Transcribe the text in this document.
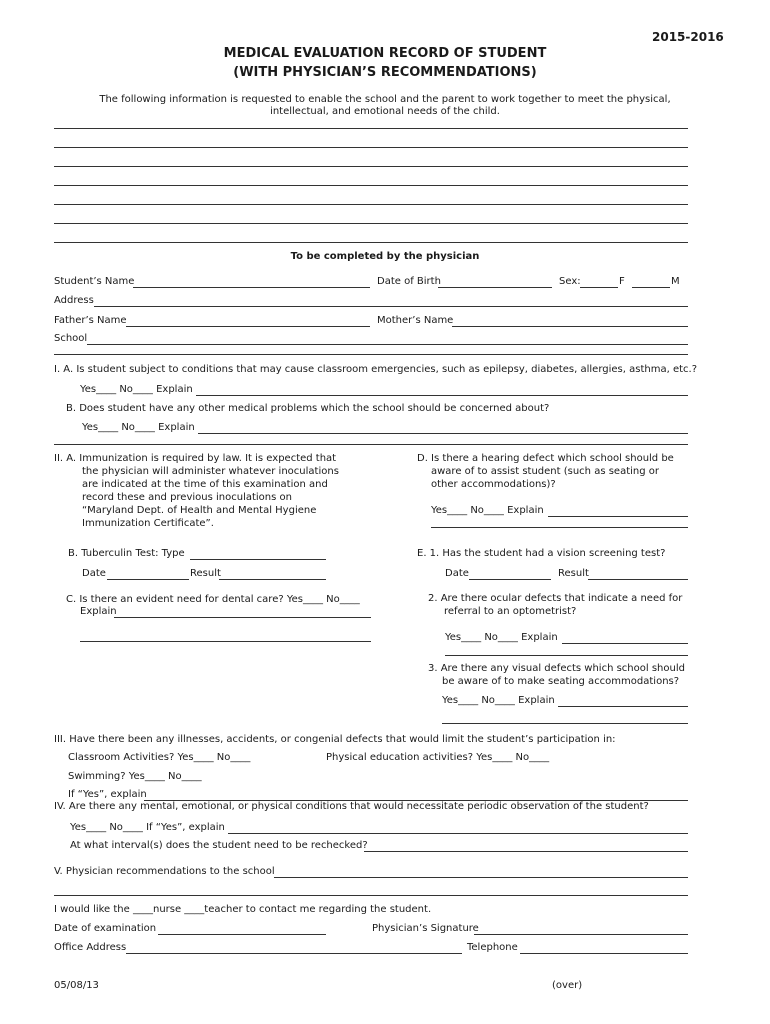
2015-2016
MEDICAL EVALUATION RECORD OF STUDENT
(WITH PHYSICIAN’S RECOMMENDATIONS)
The following information is requested to enable the school and the parent to work together to meet the physical,
intellectual, and emotional needs of the child.
To be completed by the physician
Student’s Name	Date of Birth	Sex:	F	M
Address
Father’s Name	Mother’s Name
School
I. A. Is student subject to conditions that may cause classroom emergencies, such as epilepsy, diabetes, allergies, asthma, etc.?
Yes____ No____ Explain
B. Does student have any other medical problems which the school should be concerned about?
Yes____ No____ Explain
II. A. Immunization is required by law. It is expected that
the physician will administer whatever inoculations
are indicated at the time of this examination and
record these and previous inoculations on
“Maryland Dept. of Health and Mental Hygiene
Immunization Certificate”.
D. Is there a hearing defect which school should be
aware of to assist student (such as seating or
other accommodations)?
Yes____ No____ Explain
B. Tuberculin Test: Type
Date	Result
E. 1. Has the student had a vision screening test?
Date	Result
C. Is there an evident need for dental care? Yes____ No____
Explain
2. Are there ocular defects that indicate a need for
referral to an optometrist?
Yes____ No____ Explain
3. Are there any visual defects which school should
be aware of to make seating accommodations?
Yes____ No____ Explain
III. Have there been any illnesses, accidents, or congenial defects that would limit the student’s participation in:
Classroom Activities? Yes____ No____	Physical education activities? Yes____ No____
Swimming? Yes____ No____
If “Yes”, explain
IV. Are there any mental, emotional, or physical conditions that would necessitate periodic observation of the student?
Yes____ No____ If “Yes”, explain
At what interval(s) does the student need to be rechecked?
V. Physician recommendations to the school
I would like the ____nurse ____teacher to contact me regarding the student.
Date of examination	Physician’s Signature
Office Address	Telephone
05/08/13	(over)
